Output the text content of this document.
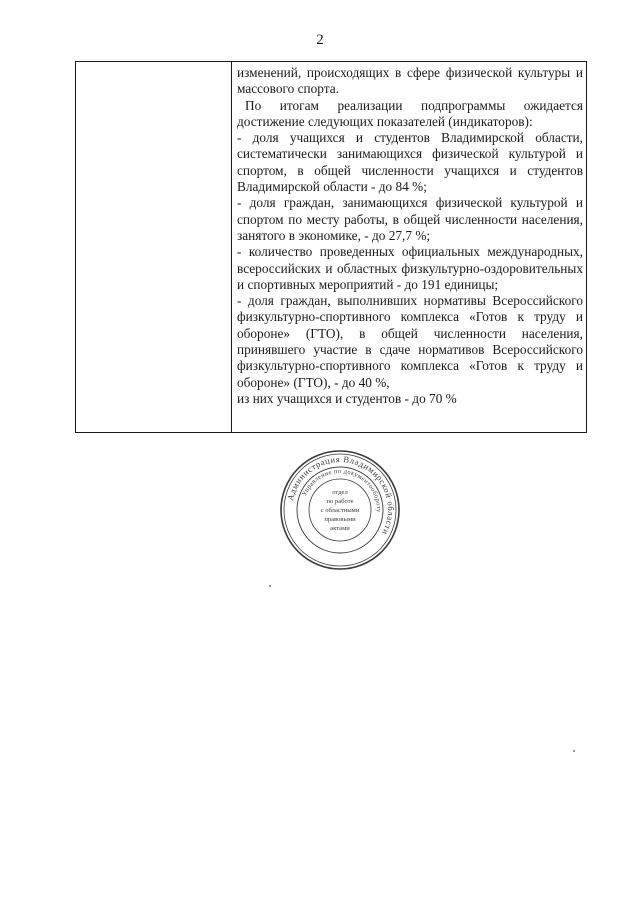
2

изменений, происходящих в сфере физической культуры и массового спорта.

По итогам реализации подпрограммы ожидается достижение следующих показателей (индикаторов):

- доля учащихся и студентов Владимирской области, систематически занимающихся физической культурой и спортом, в общей численности учащихся и студентов Владимирской области - до 84 %;

- доля граждан, занимающихся физической культурой и спортом по месту работы, в общей численности населения, занятого в экономике, - до 27,7 %;

- количество проведенных официальных международных, всероссийских и областных физкультурно-оздоровительных и спортивных мероприятий - до 191 единицы;

- доля граждан, выполнивших нормативы Всероссийского физкультурно-спортивного комплекса «Готов к труду и обороне» (ГТО), в общей численности населения, принявшего участие в сдаче нормативов Всероссийского физкультурно-спортивного комплекса «Готов к труду и обороне» (ГТО), - до 40 %,

из них учащихся и студентов - до 70 %

Администрация Владимирской области
Управление по документообороту
отдел
по работе
с областными
правовыми
актами
